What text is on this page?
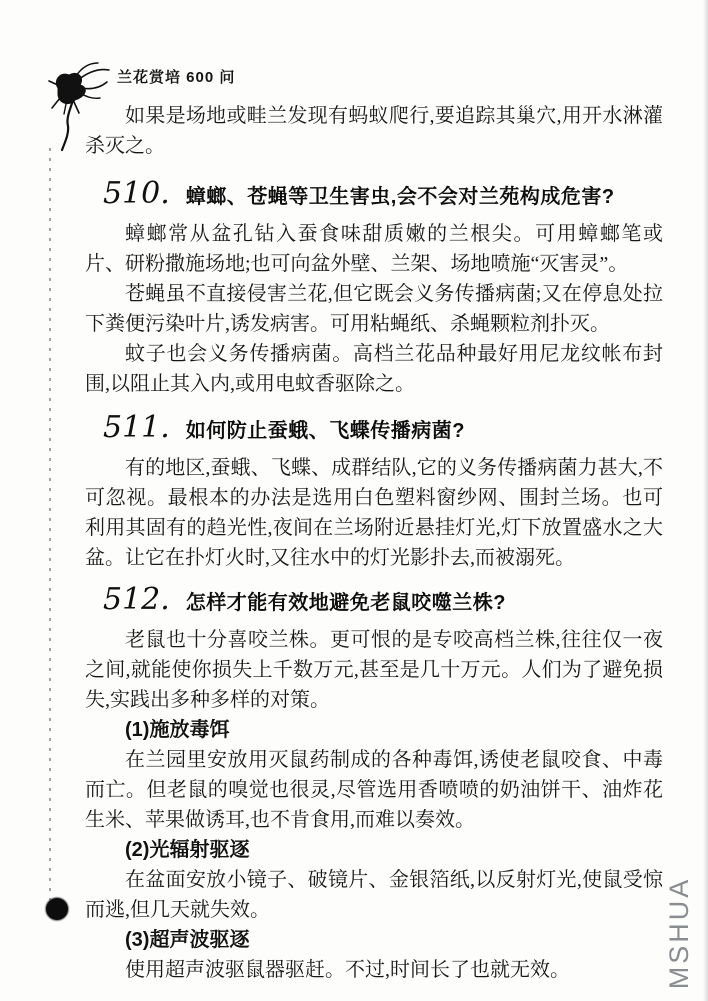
兰花赏培 600 问

如果是场地或畦兰发现有蚂蚁爬行,要追踪其巢穴,用开水淋灌杀灭之。

510. 蟑螂、苍蝇等卫生害虫,会不会对兰苑构成危害?

蟑螂常从盆孔钻入蚕食味甜质嫩的兰根尖。可用蟑螂笔或片、研粉撒施场地;也可向盆外壁、兰架、场地喷施“灭害灵”。

苍蝇虽不直接侵害兰花,但它既会义务传播病菌;又在停息处拉下粪便污染叶片,诱发病害。可用粘蝇纸、杀蝇颗粒剂扑灭。

蚊子也会义务传播病菌。高档兰花品种最好用尼龙纹帐布封围,以阻止其入内,或用电蚊香驱除之。

511. 如何防止蚕蛾、飞蝶传播病菌?

有的地区,蚕蛾、飞蝶、成群结队,它的义务传播病菌力甚大,不可忽视。最根本的办法是选用白色塑料窗纱网、围封兰场。也可利用其固有的趋光性,夜间在兰场附近悬挂灯光,灯下放置盛水之大盆。让它在扑灯火时,又往水中的灯光影扑去,而被溺死。

512. 怎样才能有效地避免老鼠咬噬兰株?

老鼠也十分喜咬兰株。更可恨的是专咬高档兰株,往往仅一夜之间,就能使你损失上千数万元,甚至是几十万元。人们为了避免损失,实践出多种多样的对策。

(1)施放毒饵

在兰园里安放用灭鼠药制成的各种毒饵,诱使老鼠咬食、中毒而亡。但老鼠的嗅觉也很灵,尽管选用香喷喷的奶油饼干、油炸花生米、苹果做诱耳,也不肯食用,而难以奏效。

(2)光辐射驱逐

在盆面安放小镜子、破镜片、金银箔纸,以反射灯光,使鼠受惊而逃,但几天就失效。

(3)超声波驱逐

使用超声波驱鼠器驱赶。不过,时间长了也就无效。	MSHUA
